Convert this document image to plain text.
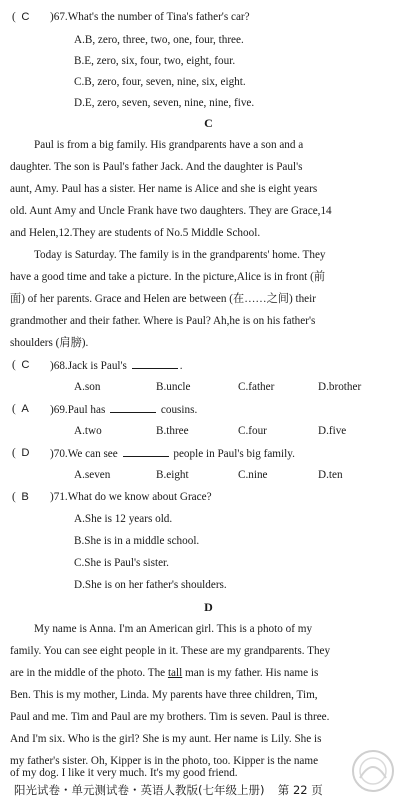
( C	)67.What's the number of Tina's father's car?
A.B, zero, three, two, one, four, three.
B.E, zero, six, four, two, eight, four.
C.B, zero, four, seven, nine, six, eight.
D.E, zero, seven, seven, nine, nine, five.
C
Paul is from a big family. His grandparents have a son and a
daughter. The son is Paul's father Jack. And the daughter is Paul's
aunt, Amy. Paul has a sister. Her name is Alice and she is eight years
old. Aunt Amy and Uncle Frank have two daughters. They are Grace,14
and Helen,12.They are students of No.5 Middle School.
Today is Saturday. The family is in the grandparents' home. They
have a good time and take a picture. In the picture,Alice is in front (前
面) of her parents. Grace and Helen are between (在……之间) their
grandmother and their father. Where is Paul? Ah,he is on his father's
shoulders (肩膀).
( C	)68.Jack is Paul's	.
A.son	B.uncle	C.father	D.brother
( A	)69.Paul has	cousins.
A.two	B.three	C.four	D.five
( D	)70.We can see	people in Paul's big family.
A.seven	B.eight	C.nine	D.ten
( B	)71.What do we know about Grace?
A.She is 12 years old.
B.She is in a middle school.
C.She is Paul's sister.
D.She is on her father's shoulders.
D
My name is Anna. I'm an American girl. This is a photo of my
family. You can see eight people in it. These are my grandparents. They
are in the middle of the photo. The tall man is my father. His name is
Ben. This is my mother, Linda. My parents have three children, Tim,
Paul and me. Tim and Paul are my brothers. Tim is seven. Paul is three.
And I'm six. Who is the girl? She is my aunt. Her name is Lily. She is
my father's sister. Oh, Kipper is in the photo, too. Kipper is the name
阳光试卷・单元测试卷・英语人教版(七年级上册) 第 22 页
of my dog. I like it very much. It's my good friend.
